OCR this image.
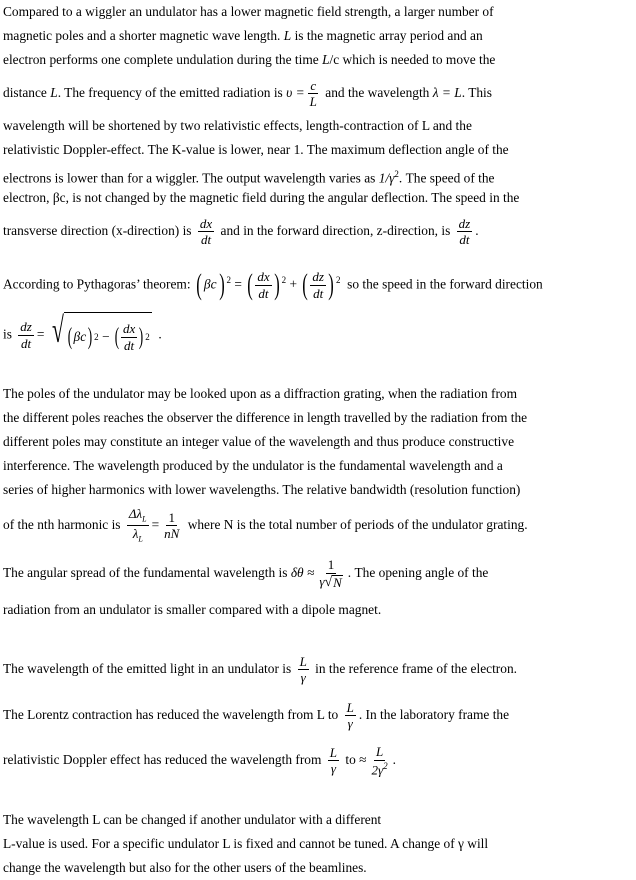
Compared to a wiggler an undulator has a lower magnetic field strength, a larger number of
magnetic poles and a shorter magnetic wave length. L is the magnetic array period and an
electron performs one complete undulation during the time L/c which is needed to move the
distance L. The frequency of the emitted radiation is $\upsilon = \frac{c}{L}$ and the wavelength λ = L. This
wavelength will be shortened by two relativistic effects, length-contraction of L and the
relativistic Doppler-effect. The K-value is lower, near 1. The maximum deflection angle of the
electrons is lower than for a wiggler. The output wavelength varies as $1/\gamma^2$. The speed of the
electron, βc, is not changed by the magnetic field during the angular deflection. The speed in the
transverse direction (x-direction) is $\frac{dx}{dt}$ and in the forward direction, z-direction, is $\frac{dz}{dt}$ .
According to Pythagoras’ theorem: ( βc) $^2$ = ( $\frac{dx}{dt}$ ) $^2$ + ( $\frac{dz}{dt}$ ) $^2$ so the speed in the forward direction
is $\frac{dz}{dt}$ = √ ( βc ) 2
−
( $\frac{dx}{dt}$ ) 2 .
The poles of the undulator may be looked upon as a diffraction grating, when the radiation from
the different poles reaches the observer the difference in length travelled by the radiation from the
different poles may constitute an integer value of the wavelength and thus produce constructive
interference. The wavelength produced by the undulator is the fundamental wavelength and a
series of higher harmonics with lower wavelengths. The relative bandwidth (resolution function)
of the nth harmonic is $\frac{\Delta\lambda_L}{\lambda_L} = \frac{1}{nN}$ where N is the total number of periods of the undulator grating.
The angular spread of the fundamental wavelength is $\delta\theta \approx \frac{1}{\gamma √ N}$ . The opening angle of the
radiation from an undulator is smaller compared with a dipole magnet.
The wavelength of the emitted light in an undulator is $\frac{L}{\gamma}$ in the reference frame of the electron.
The Lorentz contraction has reduced the wavelength from L to $\frac{L}{\gamma}$ . In the laboratory frame the
relativistic Doppler effect has reduced the wavelength from $\frac{L}{\gamma}$ to ≈ $\frac{L}{2\gamma^2}$ .
The wavelength L can be changed if another undulator with a different
L-value is used. For a specific undulator L is fixed and cannot be tuned. A change of γ will
change the wavelength but also for the other users of the beamlines.
